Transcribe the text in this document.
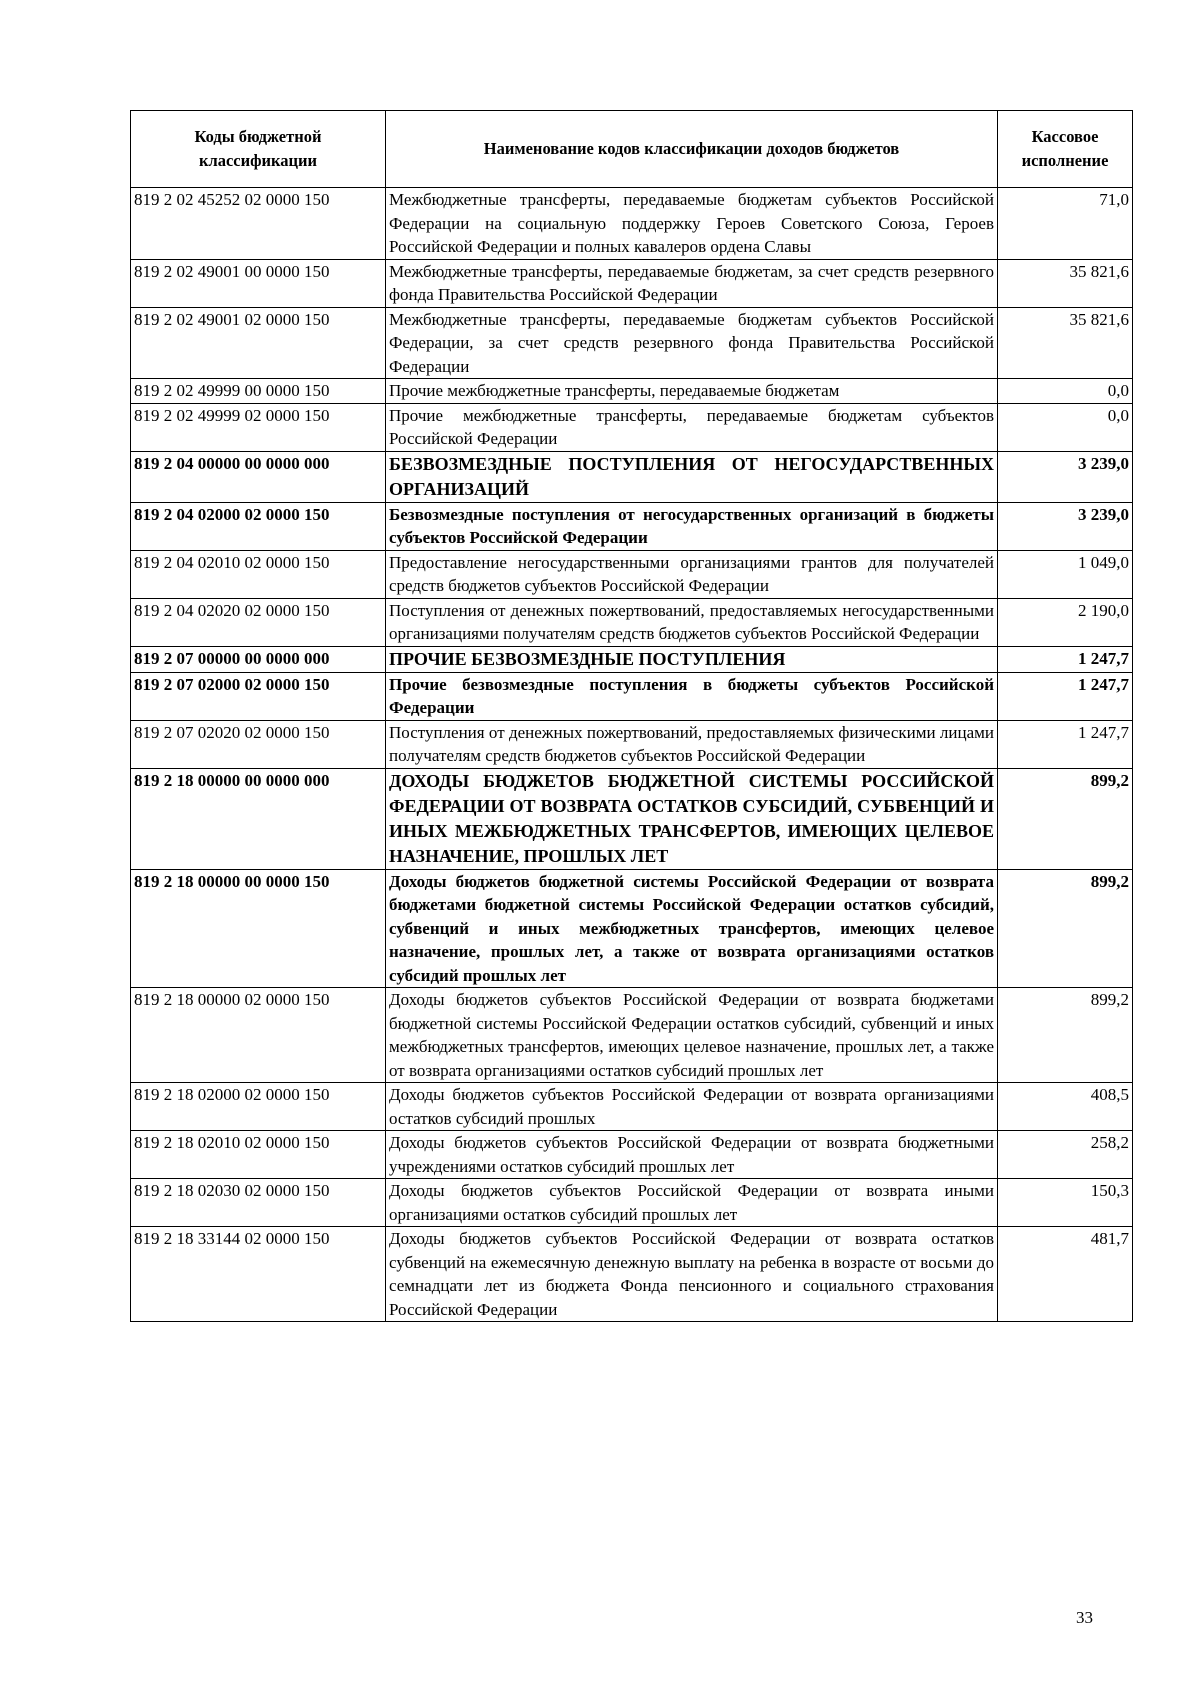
Коды бюджетной классификации	Наименование кодов классификации доходов бюджетов	Кассовое исполнение
819 2 02 45252 02 0000 150	Межбюджетные трансферты, передаваемые бюджетам субъектов Российской Федерации на социальную поддержку Героев Советского Союза, Героев Российской Федерации и полных кавалеров ордена Славы	71,0
819 2 02 49001 00 0000 150	Межбюджетные трансферты, передаваемые бюджетам, за счет средств резервного фонда Правительства Российской Федерации	35 821,6
819 2 02 49001 02 0000 150	Межбюджетные трансферты, передаваемые бюджетам субъектов Российской Федерации, за счет средств резервного фонда Правительства Российской Федерации	35 821,6
819 2 02 49999 00 0000 150	Прочие межбюджетные трансферты, передаваемые бюджетам	0,0
819 2 02 49999 02 0000 150	Прочие межбюджетные трансферты, передаваемые бюджетам субъектов Российской Федерации	0,0
819 2 04 00000 00 0000 000	БЕЗВОЗМЕЗДНЫЕ ПОСТУПЛЕНИЯ ОТ НЕГОСУДАРСТВЕННЫХ ОРГАНИЗАЦИЙ	3 239,0
819 2 04 02000 02 0000 150	Безвозмездные поступления от негосударственных организаций в бюджеты субъектов Российской Федерации	3 239,0
819 2 04 02010 02 0000 150	Предоставление негосударственными организациями грантов для получателей средств бюджетов субъектов Российской Федерации	1 049,0
819 2 04 02020 02 0000 150	Поступления от денежных пожертвований, предоставляемых негосударственными организациями получателям средств бюджетов субъектов Российской Федерации	2 190,0
819 2 07 00000 00 0000 000	ПРОЧИЕ БЕЗВОЗМЕЗДНЫЕ ПОСТУПЛЕНИЯ	1 247,7
819 2 07 02000 02 0000 150	Прочие безвозмездные поступления в бюджеты субъектов Российской Федерации	1 247,7
819 2 07 02020 02 0000 150	Поступления от денежных пожертвований, предоставляемых физическими лицами получателям средств бюджетов субъектов Российской Федерации	1 247,7
819 2 18 00000 00 0000 000	ДОХОДЫ БЮДЖЕТОВ БЮДЖЕТНОЙ СИСТЕМЫ РОССИЙСКОЙ ФЕДЕРАЦИИ ОТ ВОЗВРАТА ОСТАТКОВ СУБСИДИЙ, СУБВЕНЦИЙ И ИНЫХ МЕЖБЮДЖЕТНЫХ ТРАНСФЕРТОВ, ИМЕЮЩИХ ЦЕЛЕВОЕ НАЗНАЧЕНИЕ, ПРОШЛЫХ ЛЕТ	899,2
819 2 18 00000 00 0000 150	Доходы бюджетов бюджетной системы Российской Федерации от возврата бюджетами бюджетной системы Российской Федерации остатков субсидий, субвенций и иных межбюджетных трансфертов, имеющих целевое назначение, прошлых лет, а также от возврата организациями остатков субсидий прошлых лет	899,2
819 2 18 00000 02 0000 150	Доходы бюджетов субъектов Российской Федерации от возврата бюджетами бюджетной системы Российской Федерации остатков субсидий, субвенций и иных межбюджетных трансфертов, имеющих целевое назначение, прошлых лет, а также от возврата организациями остатков субсидий прошлых лет	899,2
819 2 18 02000 02 0000 150	Доходы бюджетов субъектов Российской Федерации от возврата организациями остатков субсидий прошлых	408,5
819 2 18 02010 02 0000 150	Доходы бюджетов субъектов Российской Федерации от возврата бюджетными учреждениями остатков субсидий прошлых лет	258,2
819 2 18 02030 02 0000 150	Доходы бюджетов субъектов Российской Федерации от возврата иными организациями остатков субсидий прошлых лет	150,3
819 2 18 33144 02 0000 150	Доходы бюджетов субъектов Российской Федерации от возврата остатков субвенций на ежемесячную денежную выплату на ребенка в возрасте от восьми до семнадцати лет из бюджета Фонда пенсионного и социального страхования Российской Федерации	481,7
33
